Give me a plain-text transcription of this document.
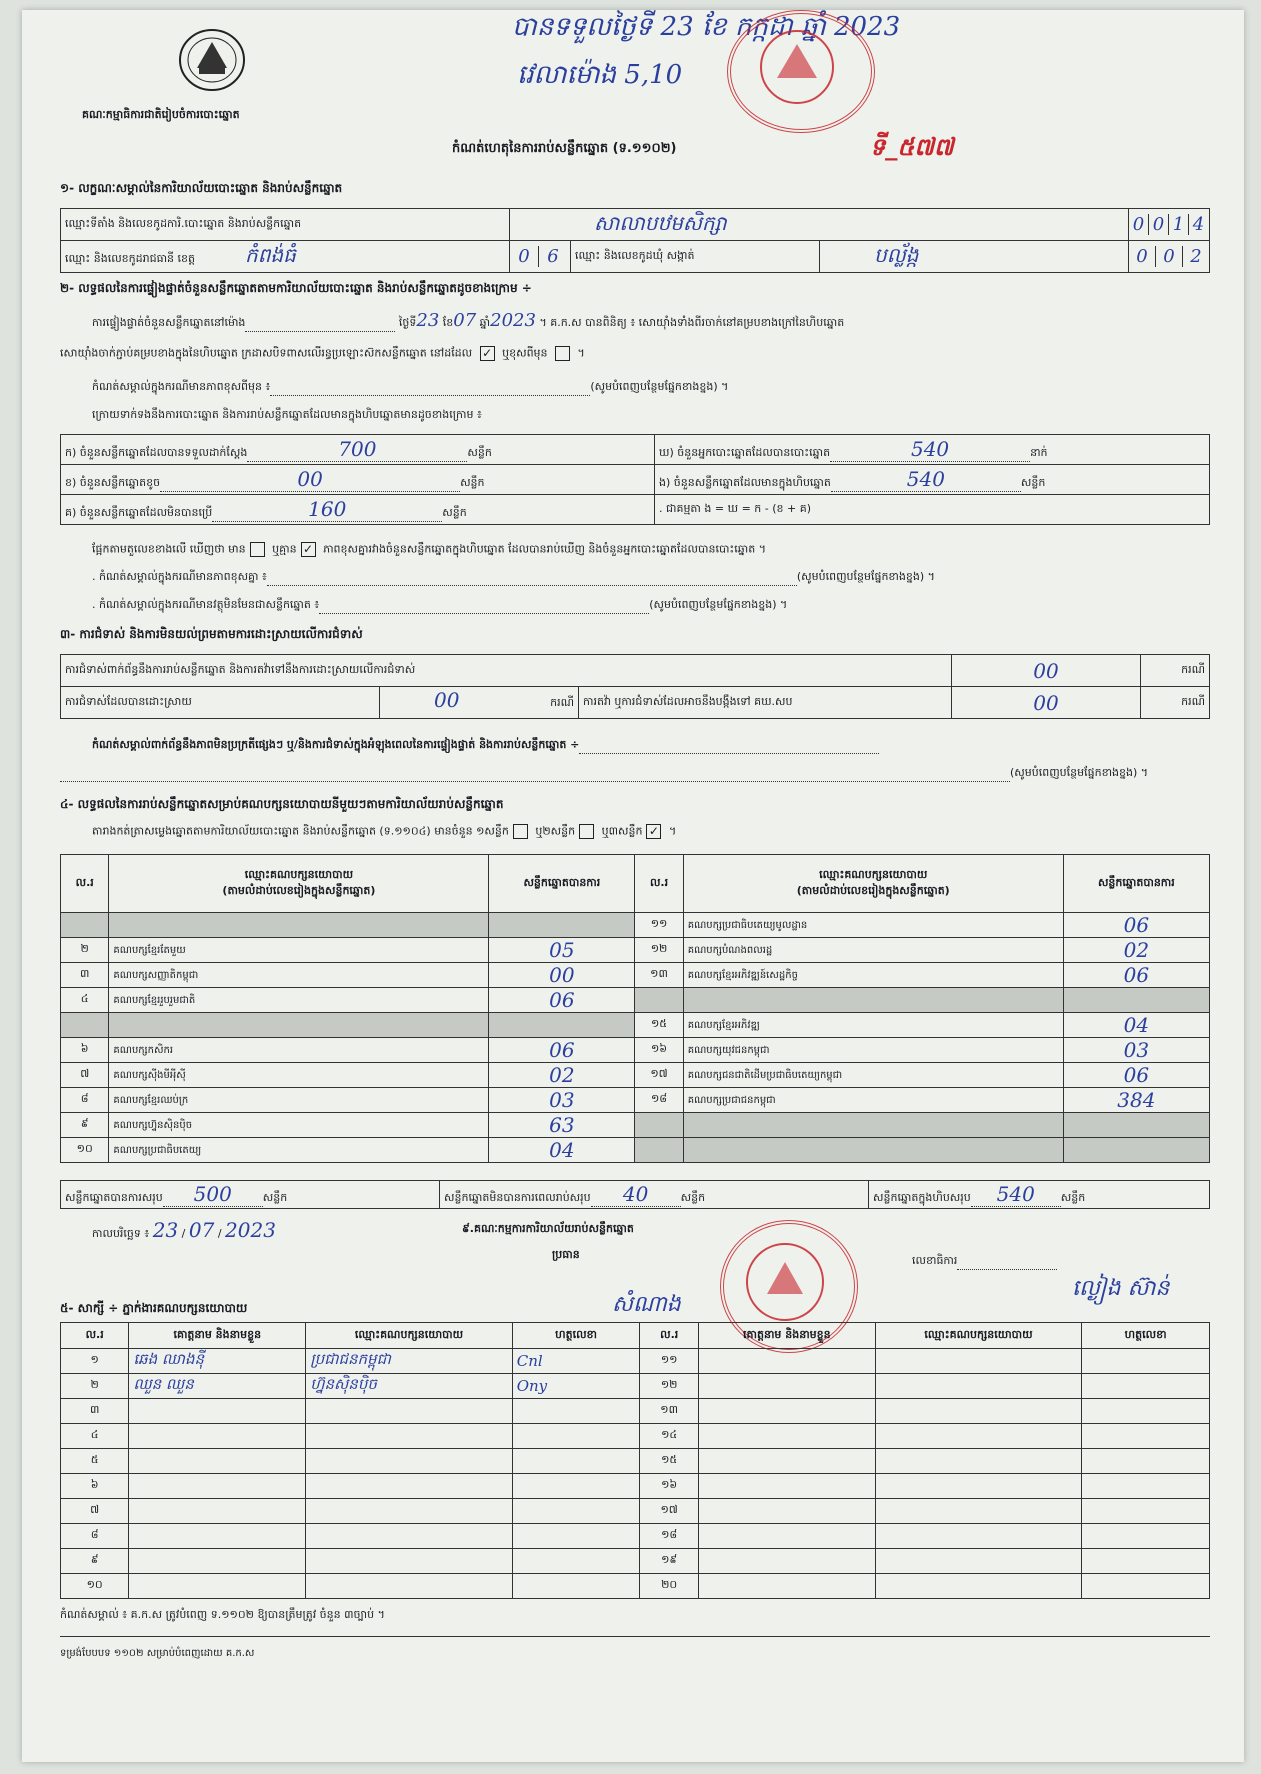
គណៈកម្មាធិការជាតិរៀបចំការបោះឆ្នោត
បានទទួលថ្ងៃទី 23 ខែ កក្កដា ឆ្នាំ 2023
វេលាម៉ោង 5,10
កំណត់ហេតុនៃការរាប់សន្លឹកឆ្នោត (ទ.១១០២)	ទី_៥៧៧
១- លក្ខណៈសម្គាល់នៃការិយាល័យបោះឆ្នោត និងរាប់សន្លឹកឆ្នោត
ឈ្មោះទីតាំង និងលេខកូដការិ.បោះឆ្នោត និងរាប់សន្លឹកឆ្នោត	សាលាបឋមសិក្សា			0 0 1 4
ឈ្មោះ និងលេខកូដរាជធានី ខេត្ត កំពង់ធំ	0 6	ឈ្មោះ និងលេខកូដឃុំ សង្កាត់	បល្ល័ង្ក	0 0 2
២- លទ្ធផលនៃការផ្ទៀងផ្ទាត់ចំនួនសន្លឹកឆ្នោតតាមការិយាល័យបោះឆ្នោត និងរាប់សន្លឹកឆ្នោតដូចខាងក្រោម ÷
ការផ្ទៀងផ្ទាត់ចំនួនសន្លឹកឆ្នោតនៅម៉ោង	ថ្ងៃទី23 ខែ07 ឆ្នាំ2023 ។ គ.ក.ស បានពិនិត្យ ៖ សោយ៉ាំងទាំងពីរចាក់នៅគម្របខាងក្រៅនៃហិបឆ្នោត
សោយ៉ាំងចាក់ភ្ជាប់គម្របខាងក្នុងនៃហិបឆ្នោត ក្រដាសបិទពាសលើរន្ធប្រឡោះស៊កសន្លឹកឆ្នោត នៅដដែល ✓ ឬខុសពីមុន  ។
កំណត់សម្គាល់ក្នុងករណីមានភាពខុសពីមុន ៖	(សូមបំពេញបន្ថែមផ្នែកខាងខ្នង) ។
ក្រោយទាក់ទងនឹងការបោះឆ្នោត និងការរាប់សន្លឹកឆ្នោតដែលមានក្នុងហិបឆ្នោតមានដូចខាងក្រោម ៖
ក) ចំនួនសន្លឹកឆ្នោតដែលបានទទួលដាក់ស្តែង 700 សន្លឹក	ឃ) ចំនួនអ្នកបោះឆ្នោតដែលបានបោះឆ្នោត 540 នាក់
ខ) ចំនួនសន្លឹកឆ្នោតខូច 00 សន្លឹក	ង) ចំនួនសន្លឹកឆ្នោតដែលមានក្នុងហិបឆ្នោត 540 សន្លឹក
គ) ចំនួនសន្លឹកឆ្នោតដែលមិនបានប្រើ 160 សន្លឹក	. ជាគម្មតា ង = ឃ = ក - (ខ + គ)
ផ្អែកតាមតួលេខខាងលើ ឃើញថា មាន ឬគ្មាន ✓ ភាពខុសគ្នារវាងចំនួនសន្លឹកឆ្នោតក្នុងហិបឆ្នោត ដែលបានរាប់ឃើញ និងចំនួនអ្នកបោះឆ្នោតដែលបានបោះឆ្នោត ។
. កំណត់សម្គាល់ក្នុងករណីមានភាពខុសគ្នា ៖	(សូមបំពេញបន្ថែមផ្នែកខាងខ្នង) ។
. កំណត់សម្គាល់ក្នុងករណីមានវត្ថុមិនមែនជាសន្លឹកឆ្នោត ៖	(សូមបំពេញបន្ថែមផ្នែកខាងខ្នង) ។
៣- ការជំទាស់ និងការមិនយល់ព្រមតាមការដោះស្រាយលើការជំទាស់
ការជំទាស់ពាក់ព័ន្ធនឹងការរាប់សន្លឹកឆ្នោត និងការតវ៉ាទៅនឹងការដោះស្រាយលើការជំទាស់			00	ករណី
ការជំទាស់ដែលបានដោះស្រាយ	00 ករណី	ការតវ៉ា ឬការជំទាស់ដែលអាចនឹងបង្កឹងទៅ គឃ.សប	00	ករណី
កំណត់សម្គាល់ពាក់ព័ន្ធនឹងភាពមិនប្រក្រតីផ្សេងៗ ឬ/និងការជំទាស់ក្នុងអំឡុងពេលនៃការផ្ទៀងផ្ទាត់ និងការរាប់សន្លឹកឆ្នោត ÷
(សូមបំពេញបន្ថែមផ្នែកខាងខ្នង) ។
៤- លទ្ធផលនៃការរាប់សន្លឹកឆ្នោតសម្រាប់គណបក្សនយោបាយនីមួយៗតាមការិយាល័យរាប់សន្លឹកឆ្នោត
តារាងកត់ត្រាសម្លេងឆ្នោតតាមការិយាល័យបោះឆ្នោត និងរាប់សន្លឹកឆ្នោត (ទ.១១០៤) មានចំនួន ១សន្លឹក ឬ២សន្លឹក ឬ៣សន្លឹក ✓ ។
ល.រ	ឈ្មោះគណបក្សនយោបាយ
(តាមលំដាប់លេខរៀងក្នុងសន្លឹកឆ្នោត)	សន្លឹកឆ្នោតបានការ	ល.រ	ឈ្មោះគណបក្សនយោបាយ
(តាមលំដាប់លេខរៀងក្នុងសន្លឹកឆ្នោត)	សន្លឹកឆ្នោតបានការ
			១១	គណបក្សប្រជាធិបតេយ្យមូលដ្ឋាន	06
២	គណបក្សខ្មែរតែមួយ	05	១២	គណបក្សបំណងពលរដ្ឋ	02
៣	គណបក្សសញ្ញាតិកម្ពុជា	00	១៣	គណបក្សខ្មែរអភិវឌ្ឍន៍សេដ្ឋកិច្ច	06
៤	គណបក្សខ្មែររួបរួមជាតិ	06			
			១៥	គណបក្សខ្មែរអភិវឌ្ឍ	04
៦	គណបក្សកសិករ	06	១៦	គណបក្សយុវជនកម្ពុជា	03
៧	គណបក្សស៊ីងមីអុីស៊ី	02	១៧	គណបក្សជនជាតិដើមប្រជាធិបតេយ្យកម្ពុជា	06
៨	គណបក្សខ្មែរឈប់ក្រ	03	១៨	គណបក្សប្រជាជនកម្ពុជា	384
៩	គណបក្សហ្វ៊ុនស៊ិនប៉ិច	63			
១០	គណបក្សប្រជាធិបតេយ្យ	04			
សន្លឹកឆ្នោតបានការសរុប 500	សន្លឹក	សន្លឹកឆ្នោតមិនបានការពេលរាប់សរុប 40	សន្លឹក	សន្លឹកឆ្នោតក្នុងហិបសរុប 540 សន្លឹក
កាលបរិច្ឆេទ ៖ 23 / 07 / 2023	៩.គណៈកម្មការការិយាល័យរាប់សន្លឹកឆ្នោត
ប្រធាន
សំណាង
លេខាធិការ
ល្ងៀង ស៊ាន់
៥- សាក្សី ÷ ភ្នាក់ងារគណបក្សនយោបាយ
ល.រ	គោត្តនាម និងនាមខ្លួន	ឈ្មោះគណបក្សនយោបាយ	ហត្ថលេខា	ល.រ	គោត្តនាម និងនាមខ្លួន	ឈ្មោះគណបក្សនយោបាយ	ហត្ថលេខា
១	ឆេង ឈាងនុី	ប្រជាជនកម្ពុជា	Cnl	១១			
២	ឈួន ឈួន	ហ្វ៊ុនស៊ិនប៉ិច	Ony	១២			
៣				១៣			
៤				១៤			
៥				១៥			
៦				១៦			
៧				១៧			
៨				១៨			
៩				១៩			
១០				២០			
កំណត់សម្គាល់ ៖ គ.ក.ស ត្រូវបំពេញ ទ.១១០២ ឱ្យបានត្រឹមត្រូវ ចំនួន ៣ច្បាប់ ។
ទម្រង់បែបបទ ១១០២ សម្រាប់បំពេញដោយ គ.ក.ស
